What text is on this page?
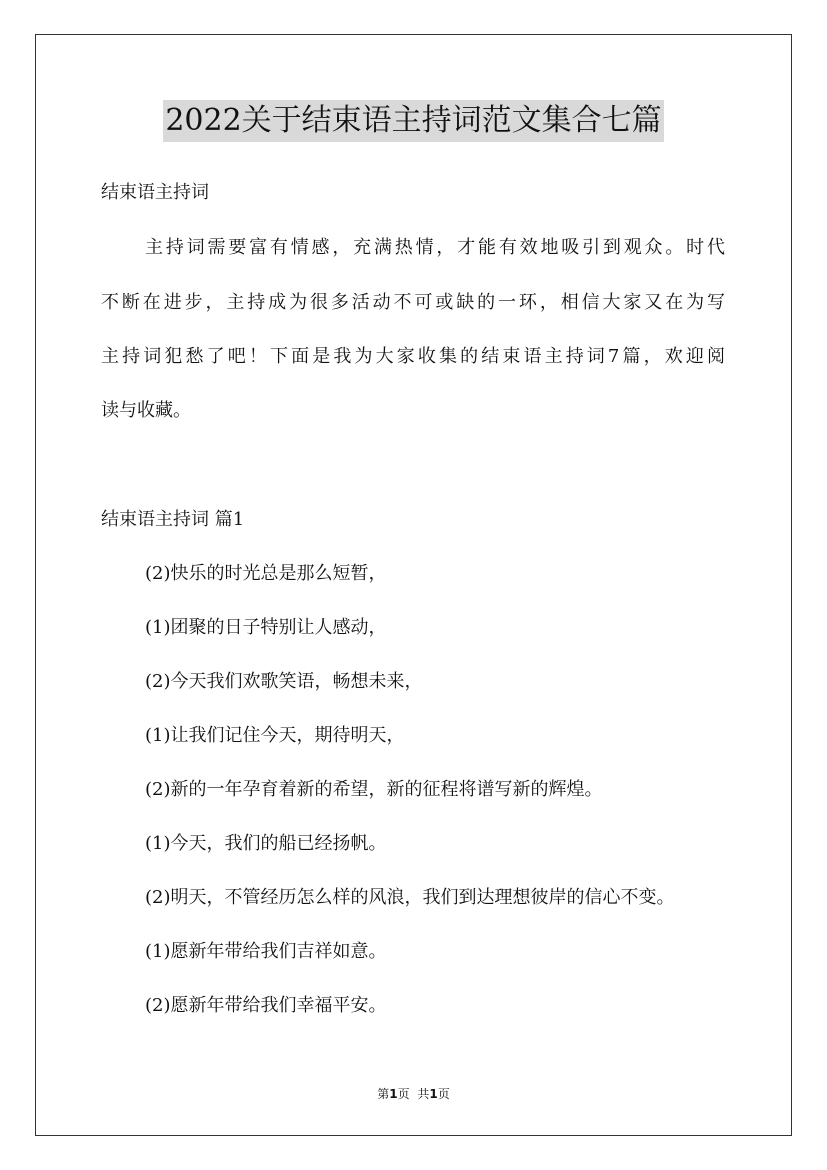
2022关于结束语主持词范文集合七篇
结束语主持词
主持词需要富有情感，充满热情，才能有效地吸引到观众。时代
不断在进步，主持成为很多活动不可或缺的一环，相信大家又在为写
主持词犯愁了吧！下面是我为大家收集的结束语主持词7篇，欢迎阅
读与收藏。
结束语主持词 篇1
(2)快乐的时光总是那么短暂，
(1)团聚的日子特别让人感动，
(2)今天我们欢歌笑语，畅想未来，
(1)让我们记住今天，期待明天，
(2)新的一年孕育着新的希望，新的征程将谱写新的辉煌。
(1)今天，我们的船已经扬帆。
(2)明天，不管经历怎么样的风浪，我们到达理想彼岸的信心不变。
(1)愿新年带给我们吉祥如意。
(2)愿新年带给我们幸福平安。
第1页 共1页
